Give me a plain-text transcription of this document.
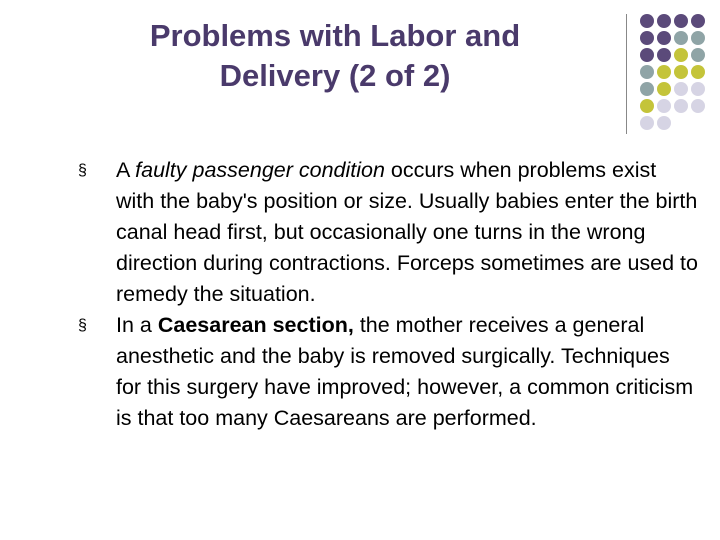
Problems with Labor and
Delivery (2 of 2)
§ A faulty passenger condition occurs when problems exist with the baby's position or size. Usually babies enter the birth canal head first, but occasionally one turns in the wrong direction during contractions. Forceps sometimes are used to remedy the situation.
§ In a Caesarean section, the mother receives a general anesthetic and the baby is removed surgically. Techniques for this surgery have improved; however, a common criticism is that too many Caesareans are performed.
